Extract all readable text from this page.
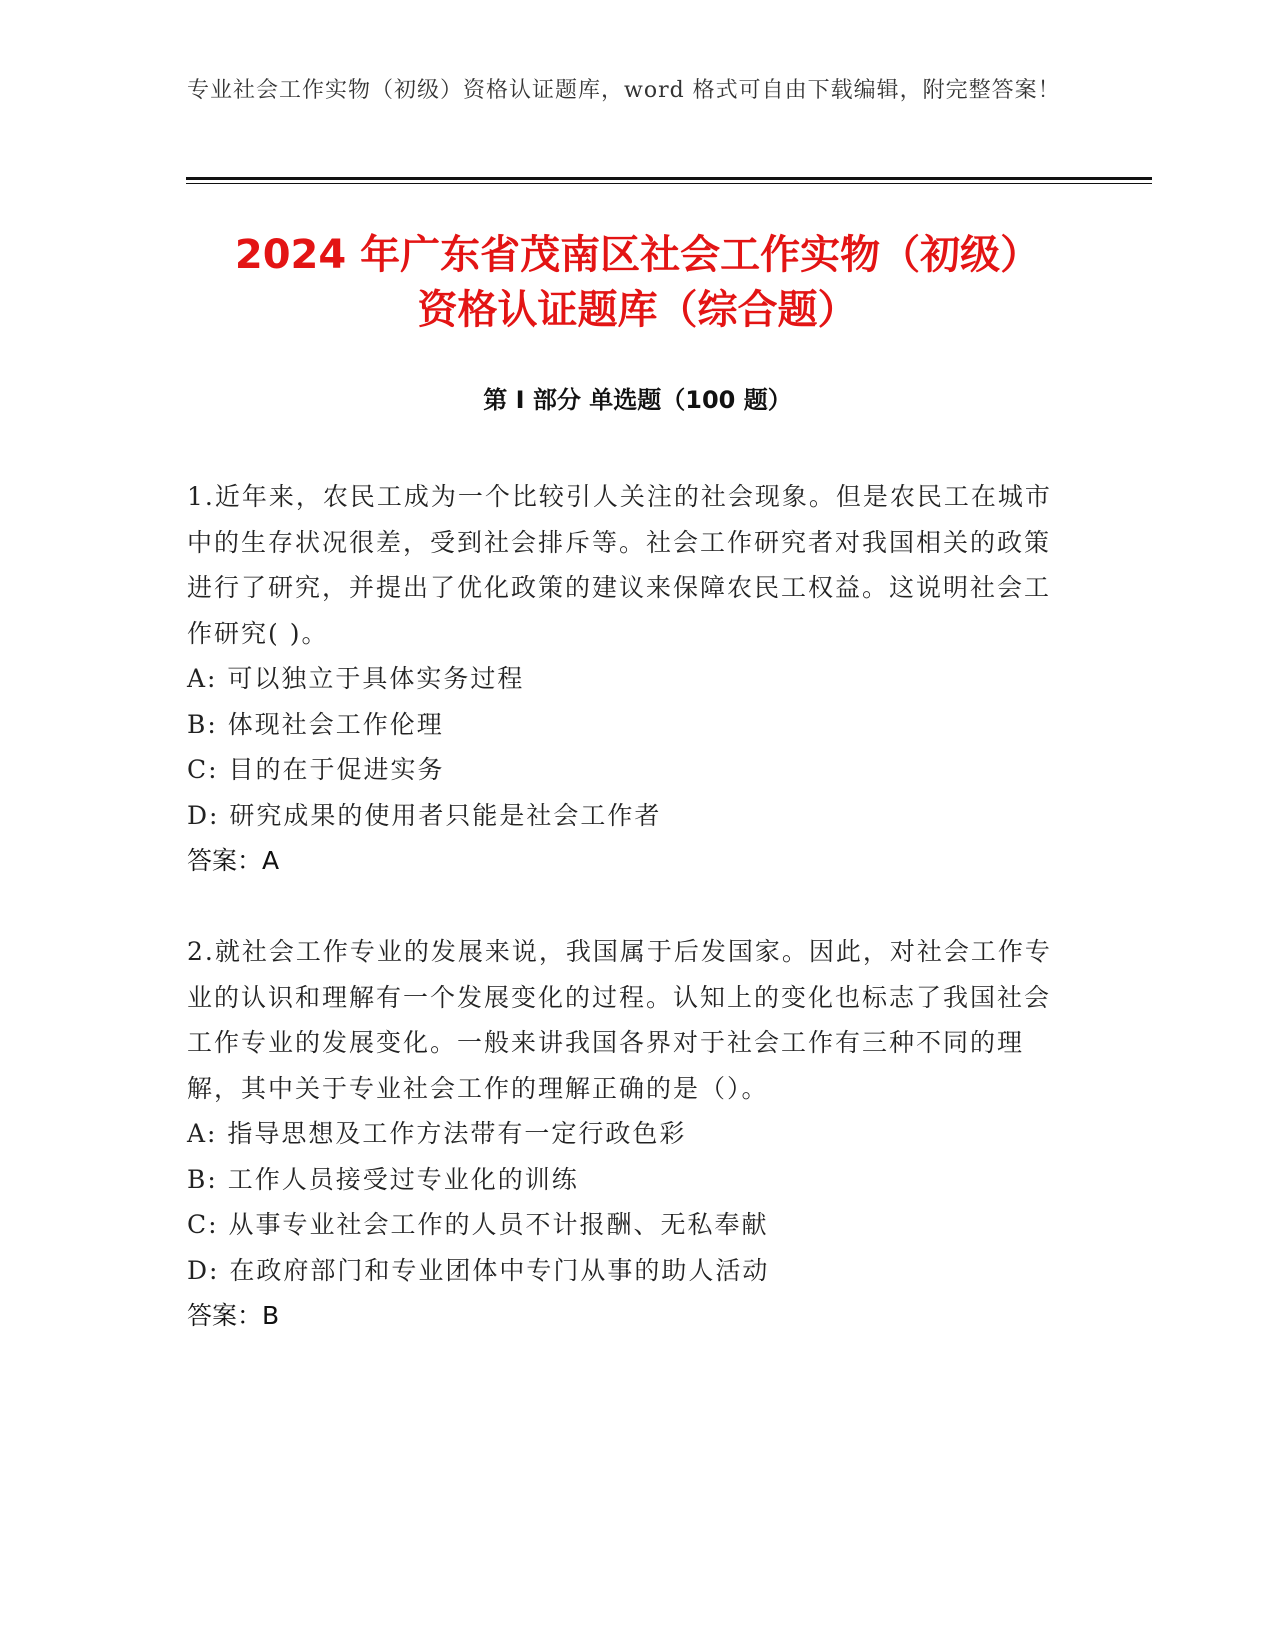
专业社会工作实物（初级）资格认证题库，word 格式可自由下载编辑，附完整答案！
2024 年广东省茂南区社会工作实物（初级）
资格认证题库（综合题）
第 I 部分 单选题（100 题）

1.近年来，农民工成为一个比较引人关注的社会现象。但是农民工在城市中的生存状况很差，受到社会排斥等。社会工作研究者对我国相关的政策进行了研究，并提出了优化政策的建议来保障农民工权益。这说明社会工作研究( )。

A: 可以独立于具体实务过程

B: 体现社会工作伦理

C: 目的在于促进实务

D: 研究成果的使用者只能是社会工作者

答案：A

2.就社会工作专业的发展来说，我国属于后发国家。因此，对社会工作专业的认识和理解有一个发展变化的过程。认知上的变化也标志了我国社会工作专业的发展变化。一般来讲我国各界对于社会工作有三种不同的理解，其中关于专业社会工作的理解正确的是（）。

A: 指导思想及工作方法带有一定行政色彩

B: 工作人员接受过专业化的训练

C: 从事专业社会工作的人员不计报酬、无私奉献

D: 在政府部门和专业团体中专门从事的助人活动

答案：B
